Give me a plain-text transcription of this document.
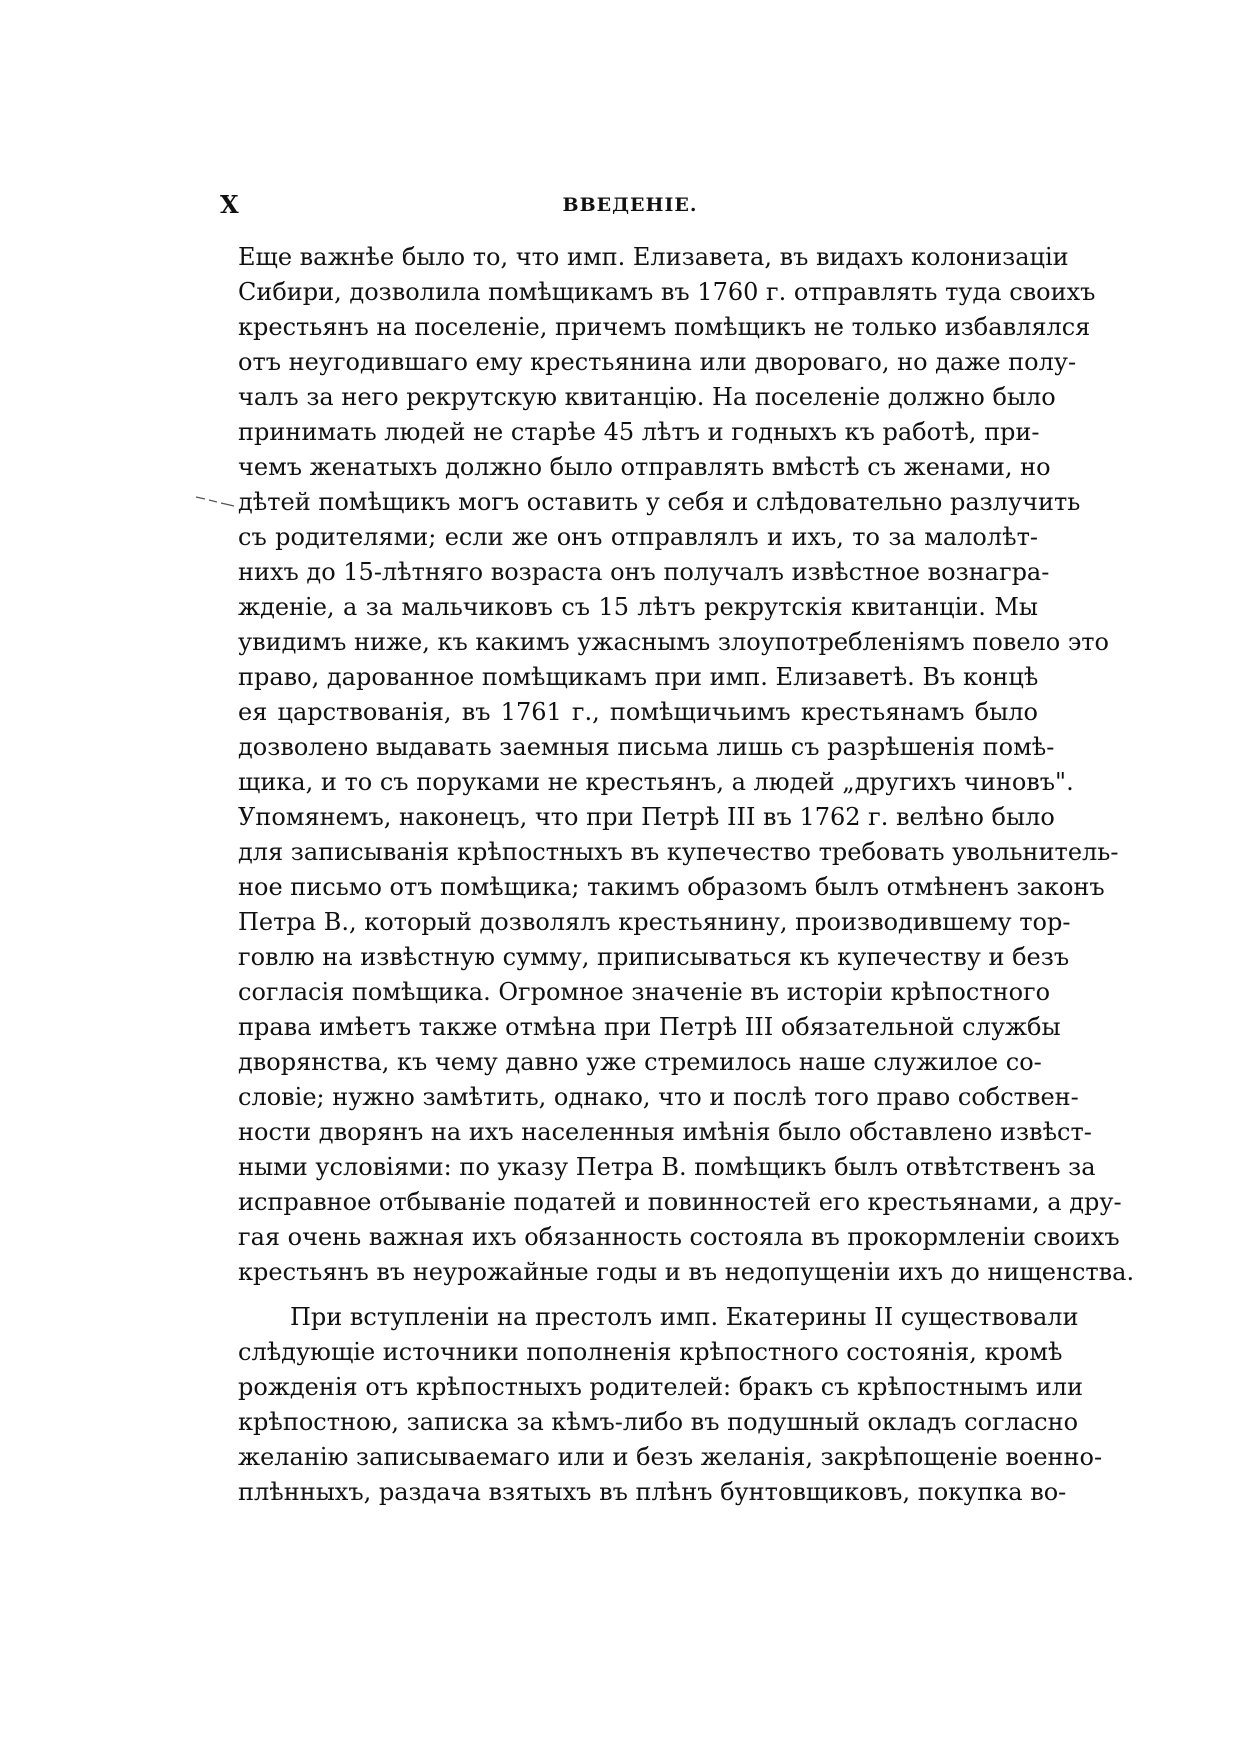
X	ВВЕДЕНІЕ.
Еще важнѣе было то, что имп. Елизавета, въ видахъ колонизаціи
Сибири, дозволила помѣщикамъ въ 1760 г. отправлять туда своихъ
крестьянъ на поселеніе, причемъ помѣщикъ не только избавлялся
отъ неугодившаго ему крестьянина или двороваго, но даже полу-
чалъ за него рекрутскую квитанцію. На поселеніе должно было
принимать людей не старѣе 45 лѣтъ и годныхъ къ работѣ, при-
чемъ женатыхъ должно было отправлять вмѣстѣ съ женами, но
дѣтей помѣщикъ могъ оставить у себя и слѣдовательно разлучить
съ родителями; если же онъ отправлялъ и ихъ, то за малолѣт-
нихъ до 15-лѣтняго возраста онъ получалъ извѣстное вознагра-
жденіе, а за мальчиковъ съ 15 лѣтъ рекрутскія квитанціи. Мы
увидимъ ниже, къ какимъ ужаснымъ злоупотребленіямъ повело это
право, дарованное помѣщикамъ при имп. Елизаветѣ. Въ концѣ
ея царствованія, въ 1761 г., помѣщичьимъ крестьянамъ было
дозволено выдавать заемныя письма лишь съ разрѣшенія помѣ-
щика, и то съ поруками не крестьянъ, а людей „другихъ чиновъ".
Упомянемъ, наконецъ, что при Петрѣ III въ 1762 г. велѣно было
для записыванія крѣпостныхъ въ купечество требовать увольнитель-
ное письмо отъ помѣщика; такимъ образомъ былъ отмѣненъ законъ
Петра В., который дозволялъ крестьянину, производившему тор-
говлю на извѣстную сумму, приписываться къ купечеству и безъ
согласія помѣщика. Огромное значеніе въ исторіи крѣпостного
права имѣетъ также отмѣна при Петрѣ III обязательной службы
дворянства, къ чему давно уже стремилось наше служилое со-
словіе; нужно замѣтить, однако, что и послѣ того право собствен-
ности дворянъ на ихъ населенныя имѣнія было обставлено извѣст-
ными условіями: по указу Петра В. помѣщикъ былъ отвѣтственъ за
исправное отбываніе податей и повинностей его крестьянами, а дру-
гая очень важная ихъ обязанность состояла въ прокормленіи своихъ
крестьянъ въ неурожайные годы и въ недопущеніи ихъ до нищенства.
При вступленіи на престолъ имп. Екатерины II существовали
слѣдующіе источники пополненія крѣпостного состоянія, кромѣ
рожденія отъ крѣпостныхъ родителей: бракъ съ крѣпостнымъ или
крѣпостною, записка за кѣмъ-либо въ подушный окладъ согласно
желанію записываемаго или и безъ желанія, закрѣпощеніе военно-
плѣнныхъ, раздача взятыхъ въ плѣнъ бунтовщиковъ, покупка во-
